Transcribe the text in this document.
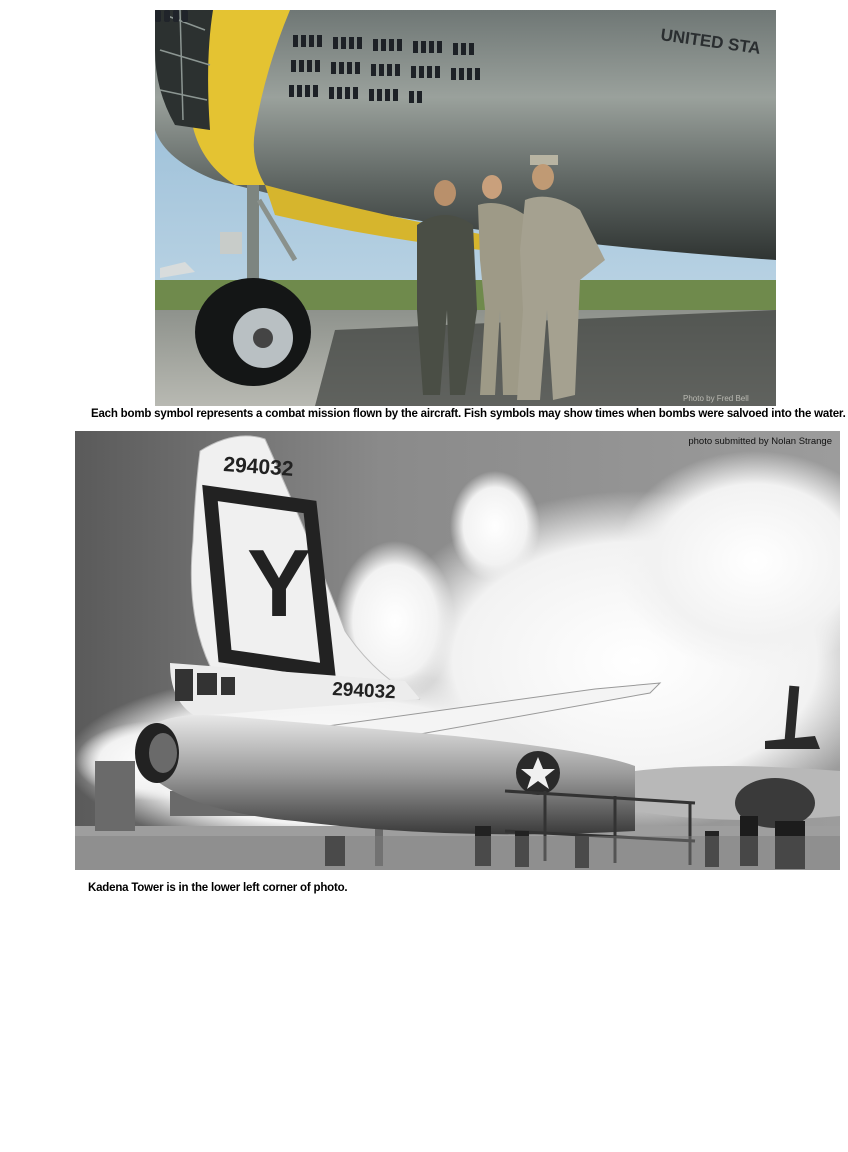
UNITED STA
Photo by Fred Bell
Each bomb symbol represents a combat mission flown by the aircraft. Fish symbols may show times when bombs were salvoed into the water.
Y
294032
294032
photo submitted by Nolan Strange
Kadena Tower is in the lower left corner of photo.
